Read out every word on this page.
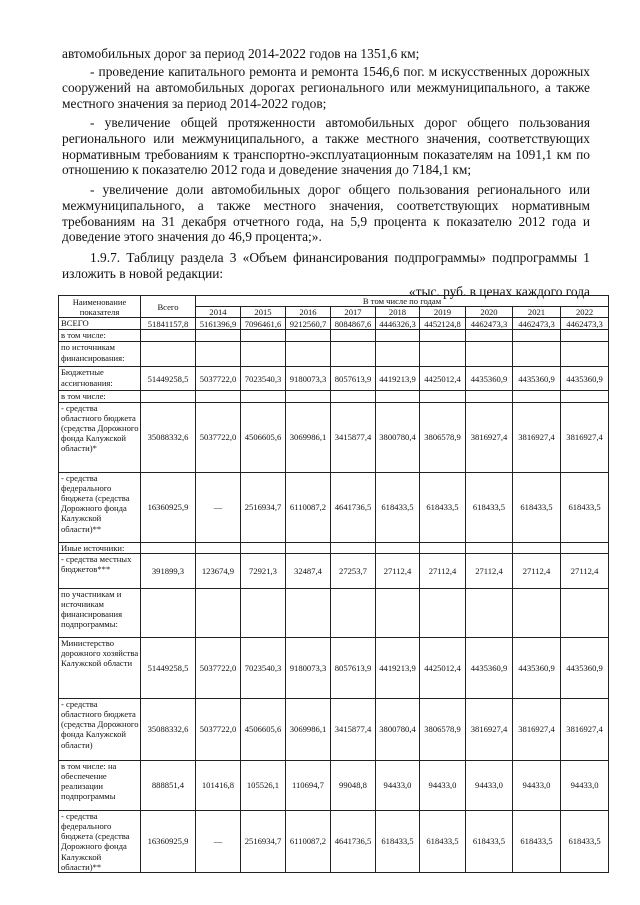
автомобильных дорог за период 2014-2022 годов на 1351,6 км;

- проведение капитального ремонта и ремонта 1546,6 пог. м искусственных дорожных сооружений на автомобильных дорогах регионального или межмуниципального, а также местного значения за период 2014-2022 годов;

- увеличение общей протяженности автомобильных дорог общего пользования регионального или межмуниципального, а также местного значения, соответствующих нормативным требованиям к транспортно-эксплуатационным показателям на 1091,1 км по отношению к показателю 2012 года и доведение значения до 7184,1 км;

- увеличение доли автомобильных дорог общего пользования регионального или межмуниципального, а также местного значения, соответствующих нормативным требованиям на 31 декабря отчетного года, на 5,9 процента к показателю 2012 года и доведение этого значения до 46,9 процента;».

1.9.7. Таблицу раздела 3 «Объем финансирования подпрограммы» подпрограммы 1 изложить в новой редакции:

«тыс. руб. в ценах каждого года
Наименование показателя	Всего	В том числе по годам								
		2014	2015	2016	2017	2018	2019	2020	2021	2022
ВСЕГО	51841157,8	5161396,9	7096461,6	9212560,7	8084867,6	4446326,3	4452124,8	4462473,3	4462473,3	4462473,3
в том числе:										
по источникам финансирования:										
Бюджетные ассигнования:	51449258,5	5037722,0	7023540,3	9180073,3	8057613,9	4419213,9	4425012,4	4435360,9	4435360,9	4435360,9
в том числе:										
- средства областного бюджета (средства Дорожного фонда Калужской области)*	35088332,6	5037722,0	4506605,6	3069986,1	3415877,4	3800780,4	3806578,9	3816927,4	3816927,4	3816927,4
- средства федерального бюджета (средства Дорожного фонда Калужской области)**	16360925,9	—	2516934,7	6110087,2	4641736,5	618433,5	618433,5	618433,5	618433,5	618433,5
Иные источники:										
- средства местных бюджетов***	391899,3	123674,9	72921,3	32487,4	27253,7	27112,4	27112,4	27112,4	27112,4	27112,4
по участникам и источникам финансирования подпрограммы:										
Министерство дорожного хозяйства Калужской области	51449258,5	5037722,0	7023540,3	9180073,3	8057613,9	4419213,9	4425012,4	4435360,9	4435360,9	4435360,9
- средства областного бюджета (средства Дорожного фонда Калужской области)	35088332,6	5037722,0	4506605,6	3069986,1	3415877,4	3800780,4	3806578,9	3816927,4	3816927,4	3816927,4
в том числе: на обеспечение реализации подпрограммы	888851,4	101416,8	105526,1	110694,7	99048,8	94433,0	94433,0	94433,0	94433,0	94433,0
- средства федерального бюджета (средства Дорожного фонда Калужской области)**	16360925,9	—	2516934,7	6110087,2	4641736,5	618433,5	618433,5	618433,5	618433,5	618433,5
